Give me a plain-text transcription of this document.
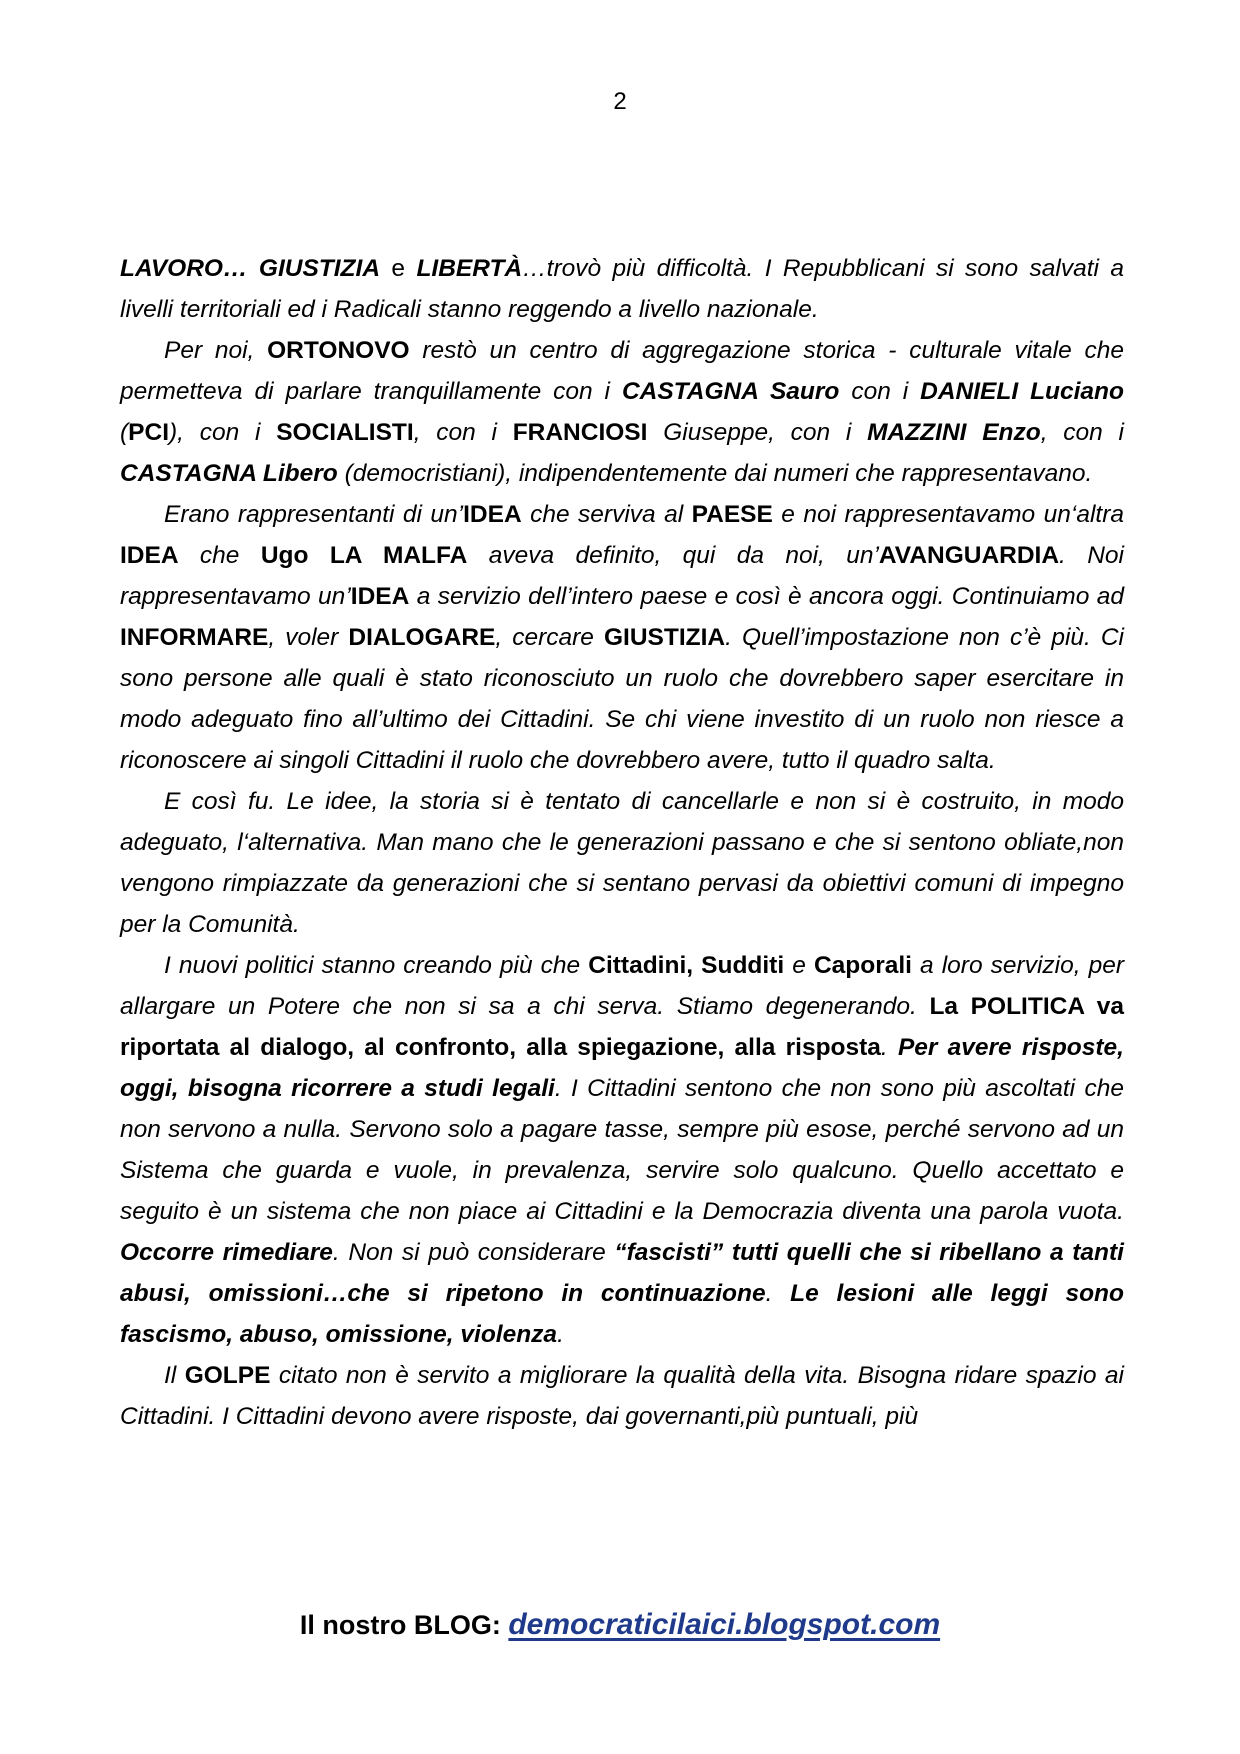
2

LAVORO… GIUSTIZIA e LIBERTÀ…trovò più difficoltà. I Repubblicani si sono salvati a livelli territoriali ed i Radicali stanno reggendo a livello nazionale.

Per noi, ORTONOVO restò un centro di aggregazione storica - culturale vitale che permetteva di parlare tranquillamente con i CASTAGNA Sauro con i DANIELI Luciano (PCI), con i SOCIALISTI, con i FRANCIOSI Giuseppe, con i MAZZINI Enzo, con i CASTAGNA Libero (democristiani), indipendentemente dai numeri che rappresentavano.

Erano rappresentanti di un’IDEA che serviva al PAESE e noi rappresentavamo un‘altra IDEA che Ugo LA MALFA aveva definito, qui da noi, un’AVANGUARDIA. Noi rappresentavamo un’IDEA a servizio dell’intero paese e così è ancora oggi. Continuiamo ad INFORMARE, voler DIALOGARE, cercare GIUSTIZIA. Quell’impostazione non c’è più. Ci sono persone alle quali è stato riconosciuto un ruolo che dovrebbero saper esercitare in modo adeguato fino all’ultimo dei Cittadini. Se chi viene investito di un ruolo non riesce a riconoscere ai singoli Cittadini il ruolo che dovrebbero avere, tutto il quadro salta.

E così fu. Le idee, la storia si è tentato di cancellarle e non si è costruito, in modo adeguato, l‘alternativa. Man mano che le generazioni passano e che si sentono obliate,non vengono rimpiazzate da generazioni che si sentano pervasi da obiettivi comuni di impegno per la Comunità.

I nuovi politici stanno creando più che Cittadini, Sudditi e Caporali a loro servizio, per allargare un Potere che non si sa a chi serva. Stiamo degenerando. La POLITICA va riportata al dialogo, al confronto, alla spiegazione, alla risposta. Per avere risposte, oggi, bisogna ricorrere a studi legali. I Cittadini sentono che non sono più ascoltati che non servono a nulla. Servono solo a pagare tasse, sempre più esose, perché servono ad un Sistema che guarda e vuole, in prevalenza, servire solo qualcuno. Quello accettato e seguito è un sistema che non piace ai Cittadini e la Democrazia diventa una parola vuota. Occorre rimediare. Non si può considerare “fascisti” tutti quelli che si ribellano a tanti abusi, omissioni…che si ripetono in continuazione. Le lesioni alle leggi sono fascismo, abuso, omissione, violenza.

Il GOLPE citato non è servito a migliorare la qualità della vita. Bisogna ridare spazio ai Cittadini. I Cittadini devono avere risposte, dai governanti,più puntuali, più

Il nostro BLOG: democraticilaici.blogspot.com
